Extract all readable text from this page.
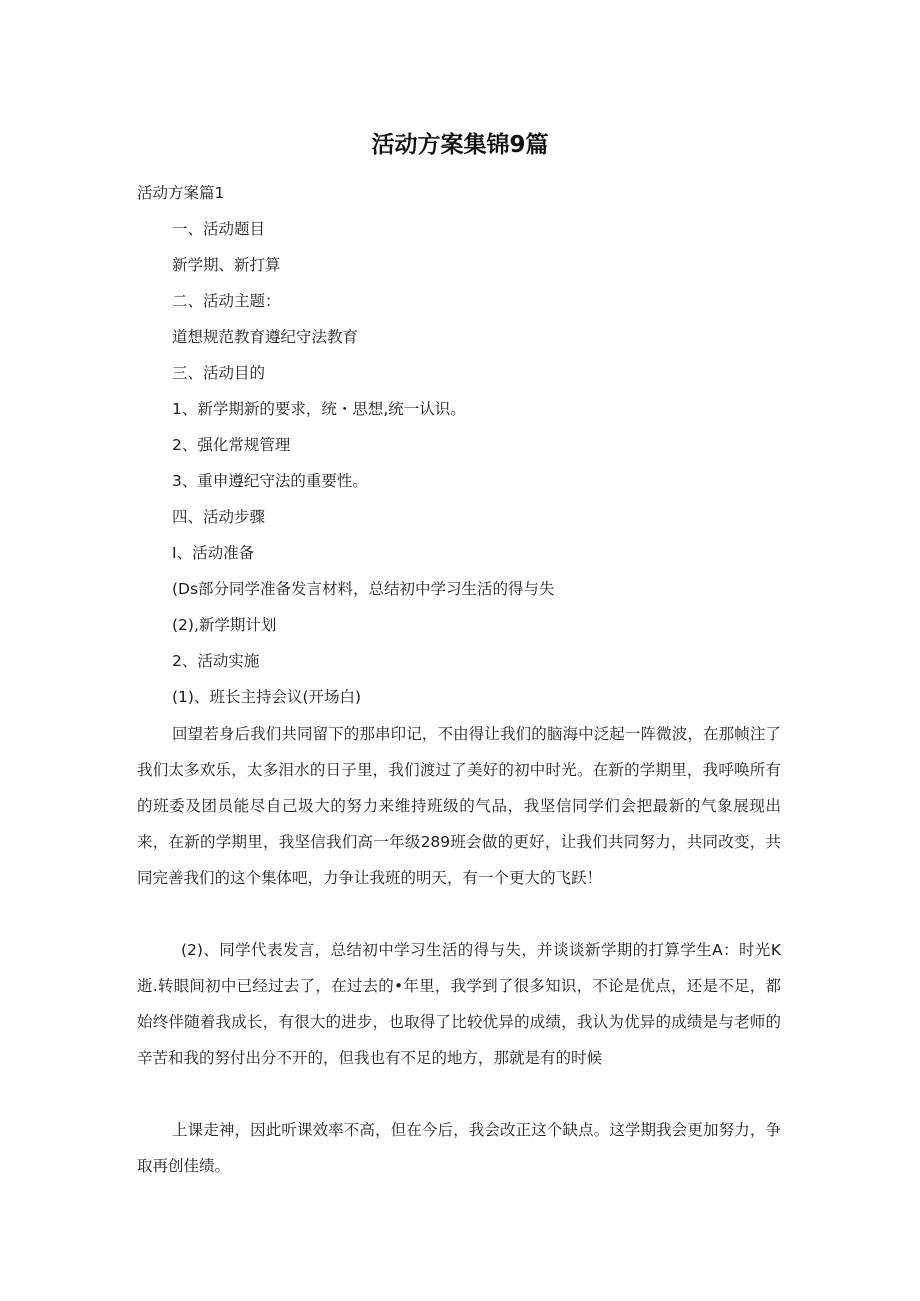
活动方案集锦9篇
活动方案篇1
一、活动题目
新学期、新打算
二、活动主题：
道想规范教育遵纪守法教育
三、活动目的
1、新学期新的要求，统・思想,统一认识。
2、强化常规管理
3、重申遵纪守法的重要性。
四、活动步骤
I、活动准备
(Ds部分同学准备发言材料，总结初中学习生活的得与失
(2),新学期计划
2、活动实施
(1)、班长主持会议(开场白)
回望若身后我们共同留下的那串印记，不由得让我们的脑海中泛起一阵微波，在那帧注了我们太多欢乐，太多泪水的日子里，我们渡过了美好的初中时光。在新的学期里，我呼唤所有的班委及团员能尽自己圾大的努力来维持班级的气品，我坚信同学们会把最新的气象展现出来，在新的学期里，我坚信我们高一年级289班会做的更好，让我们共同努力，共同改变，共同完善我们的这个集体吧，力争让我班的明天，有一个更大的飞跃！
(2)、同学代表发言，总结初中学习生活的得与失，并谈谈新学期的打算学生A：时光K逝.转眼间初中已经过去了，在过去的•年里，我学到了很多知识，不论是优点，还是不足，都始终伴随着我成长，有很大的进步，也取得了比较优异的成绩，我认为优异的成绩是与老师的辛苦和我的努付出分不开的，但我也有不足的地方，那就是有的时候
上课走神，因此听课效率不高，但在今后，我会改正这个缺点。这学期我会更加努力，争取再创佳绩。
